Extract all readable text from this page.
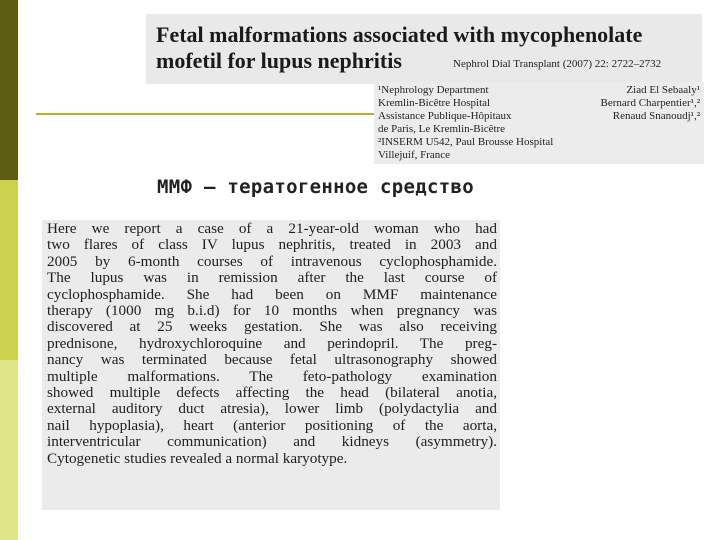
Fetal malformations associated with mycophenolate
mofetil for lupus nephritis	Nephrol Dial Transplant (2007) 22: 2722–2732
¹Nephrology Department	Ziad El Sebaaly¹
Kremlin-Bicêtre Hospital	Bernard Charpentier¹,²
Assistance Publique-Hôpitaux	Renaud Snanoudj¹,²
de Paris, Le Kremlin-Bicêtre
²INSERM U542, Paul Brousse Hospital
Villejuif, France
ММФ – тератогенное средство
Here we report a case of a 21-year-old woman who had
two flares of class IV lupus nephritis, treated in 2003 and
2005 by 6-month courses of intravenous cyclophosphamide.
The lupus was in remission after the last course of
cyclophosphamide. She had been on MMF maintenance
therapy (1000 mg b.i.d) for 10 months when pregnancy was
discovered at 25 weeks gestation. She was also receiving
prednisone, hydroxychloroquine and perindopril. The preg-
nancy was terminated because fetal ultrasonography showed
multiple malformations. The feto-pathology examination
showed multiple defects affecting the head (bilateral anotia,
external auditory duct atresia), lower limb (polydactylia and
nail hypoplasia), heart (anterior positioning of the aorta,
interventricular communication) and kidneys (asymmetry).
Cytogenetic studies revealed a normal karyotype.
